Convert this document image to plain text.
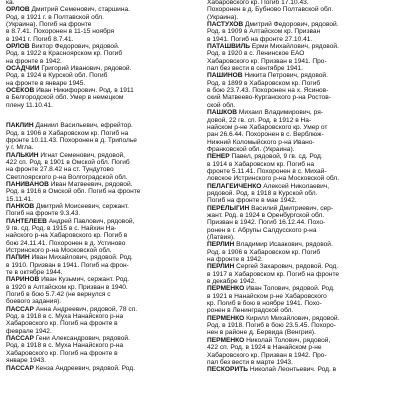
ка.
ОРЛОВ Дмитрий Семенович, старшина.
Род. в 1921 г. в Полтавской обл.
(Украина). Погиб на фронте
в 8.7.41. Похоронен в 11-15 ноября
в 1941 г. Погиб 8.7.41.
ОРЛОВ Виктор Федорович, рядовой.
Род. в 1922 в Красноярском кр. Погиб
на фронте в 1942.
ОСАДЧИЙ Григорий Иванович, рядовой.
Род. в 1924 в Курской обл. Погиб
на фронте в январе 1945.
ОСЕКОВ Иван Никифорович. Род. в 1911
в Белгородской обл. Умер в немецком
плену 11.10.41.
ПАКЛИН Даниил Васильевич, ефрейтор.
Род. в 1906 в Хабаровском кр. Погиб на
фронте 10.11.43. Похоронен в д. Триполье
у г. Мгла.
ПАЛЬКИН Игнат Семенович, рядовой,
422 сп. Род. в 1901 в Омской обл. Погиб
на фронте 27.8.42 на ст. Тундутово
Светлоярского р-на Волгоградской обл.
ПАНИВАНОВ Иван Матвеевич, рядовой.
Род. в 1916 в Омской обл. Погиб на фронте
15.11.41.
ПАНКОВ Дмитрий Моисеевич, сержант.
Погиб на фронте 9.3.43.
ПАНТЕЛЕЕВ Андрей Павлович, рядовой,
9 гв. сд. Род. в 1915 в с. Найхин На-
найского р-на Хабаровского кр. Погиб в
бою 24.11.41. Похоронен в д. Устиново
Истринского р-на Московской обл.
ПАПИН Иван Михайлович, рядовой. Род.
в 1910. Призван в 1941. Погиб на фрон-
те в октябре 1944.
ПАРИНОВ Иван Кузьмич, сержант. Род.
в 1920 в Алтайском кр. Призван в 1940.
Погиб в бою 5.7.42 (не вернулся с
боевого задания).
ПАССАР Анна Андреевич, рядовой, 78 сп.
Род. в 1918 в с. Муха Нанайского р-на
Хабаровского кр. Погиб на фронте в
феврале 1942.
ПАССАР Гени Александрович, рядовой.
Род. в 1918 в с. Муха Нанайского р-на
Хабаровского кр. Погиб на фронте в
январе 1943.
ПАССАР Кенза Андреевич, рядовой. Род.
Хабаровского кр. Погиб 17.10.43.
Похоронен в д. Бубново Полтавской обл.
(Украина).
ПАСТУХОВ Дмитрий Федорович, рядовой.
Род. в 1909 в Алтайском кр. Призван
в 1941. Погиб на фронте 27.10.41.
ПАТАШВИЛЬ Ерми Михайлович, рядовой.
Род. в 1920 в с. Ленинское ЕАО
Хабаровского кр. Призван в 1941. Про-
пал без вести в сентябре 1941.
ПАШИНОВ Никита Петрович, рядовой.
Род. в 1899 в Хабаровском кр. Погиб
в бою 23.7.43. Похоронен на х. Ясинов-
ский Матвеево-Курганского р-на Ростов-
ской обл.
ПАШКОВ Михаил Владимирович, ря-
довой, 22 гв. сп. Род. в 1912 в На-
найском р-не Хабаровского кр. Умер от
ран 26.6.44. Похоронен в с. Верблюж-
Нижний Коломыйского р-на Ивано-
Франковской обл. (Украина).
ПЕНЕР Павел, рядовой, 9 гв. сд. Род.
в 1914 в Хабаровском кр. Погиб на
фронте 5.11.41. Похоронен в с. Михай-
ловское Истринского р-на Московской обл.
ПЕЛАГЕИЧЕНКО Алексей Николаевич,
рядовой. Род. в 1918 в Курской обл.
Погиб на фронте в мае 1942.
ПЕРЕЛЫГИН Василий Дмитриевич, сер-
жант. Род. в 1924 в Оренбургской обл.
Призван в 1942. Погиб 16.12.44. Похо-
ронен в г. Абрупы Салдусского р-на
(Латвия).
ПЕРЛИН Владимир Исаакович, рядовой.
Род. в 1906 в Хабаровском кр. Погиб
на фронте в 1942.
ПЕРЛИН Сергей Захарович, рядовой. Род.
в 1917 в Хабаровском кр. Погиб на фронте
в декабре 1942.
ПЕРМЕНКО Иван Толович, рядовой. Род.
в 1921 в Нанайском р-не Хабаровского
кр. Погиб в бою в ноябре 1941. Похо-
ронен в Ленинградской обл.
ПЕРМЕНКО Кирилл Михайлович, рядовой.
Род. в 1918. Погиб в бою 23.5.45. Похоро-
нен в районе д. Бервида (Венгрия).
ПЕРМЕНКО Николай Толович, рядовой,
422 сп. Род. в 1924 в Нанайском р-не
Хабаровского кр. Призван в 1942. Про-
пал без вести в марте 1943.
ПЕСКОРИТЬ Николай Леонтьевич. Род. в
